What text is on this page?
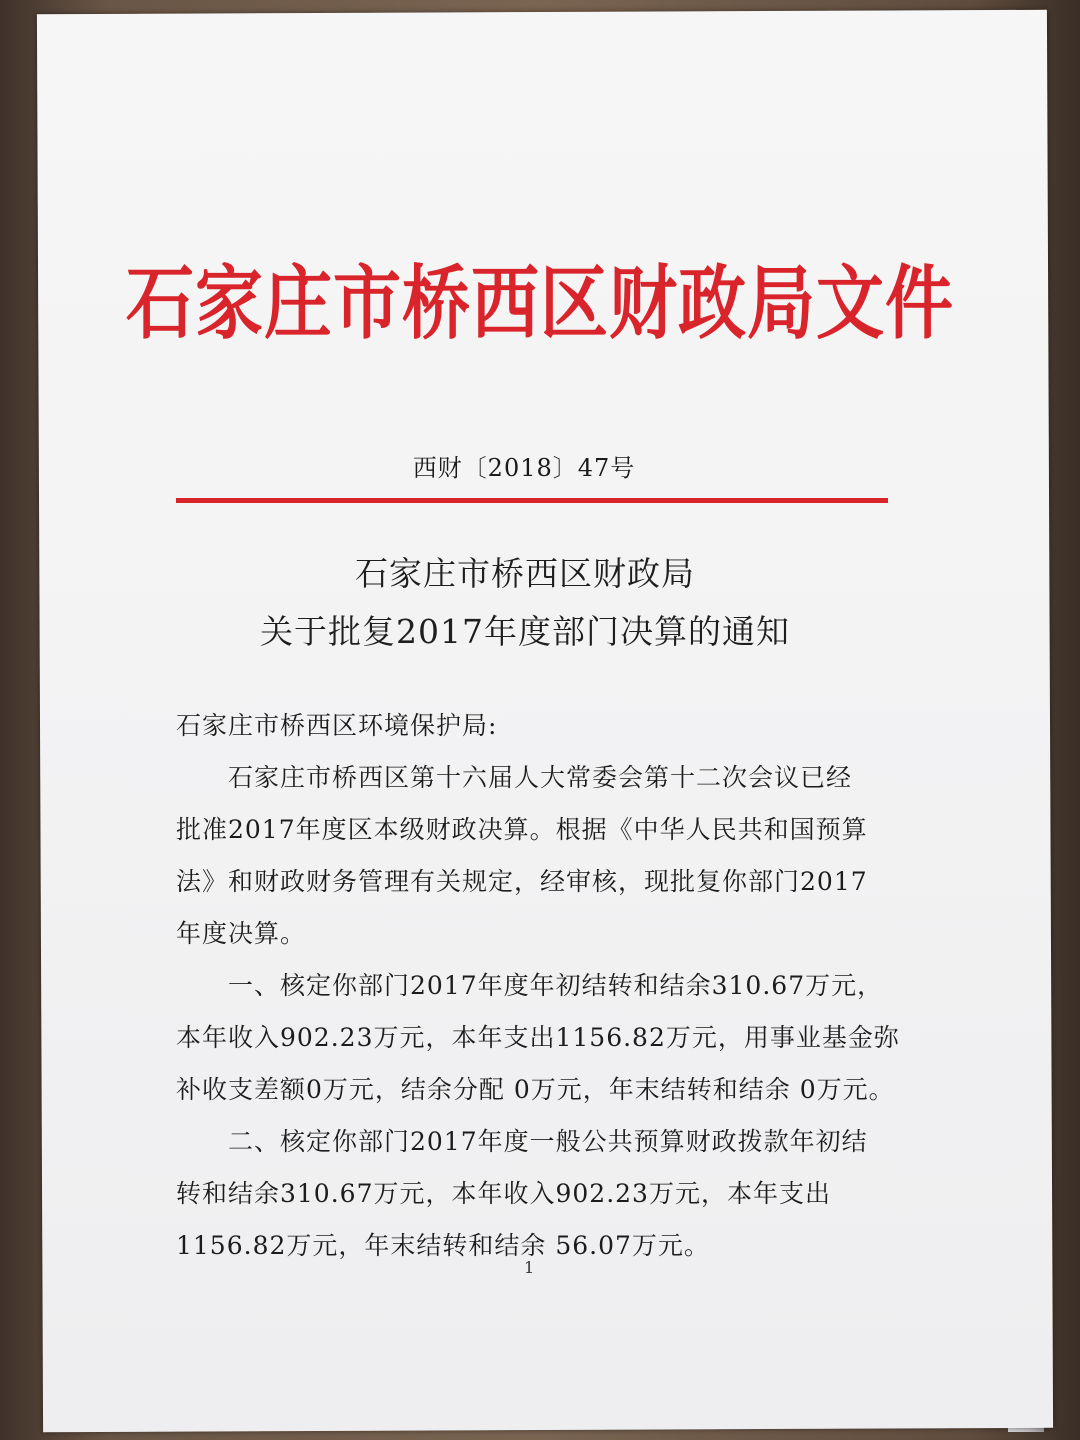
石家庄市桥西区财政局文件
西财〔2018〕47号
石家庄市桥西区财政局
关于批复2017年度部门决算的通知
石家庄市桥西区环境保护局:
石家庄市桥西区第十六届人大常委会第十二次会议已经
批准2017年度区本级财政决算。根据《中华人民共和国预算
法》和财政财务管理有关规定，经审核，现批复你部门2017
年度决算。
一、核定你部门2017年度年初结转和结余310.67万元，
本年收入902.23万元，本年支出1156.82万元，用事业基金弥
补收支差额0万元，结余分配 0万元，年末结转和结余 0万元。
二、核定你部门2017年度一般公共预算财政拨款年初结
转和结余310.67万元，本年收入902.23万元，本年支出
1156.82万元，年末结转和结余 56.07万元。
1
